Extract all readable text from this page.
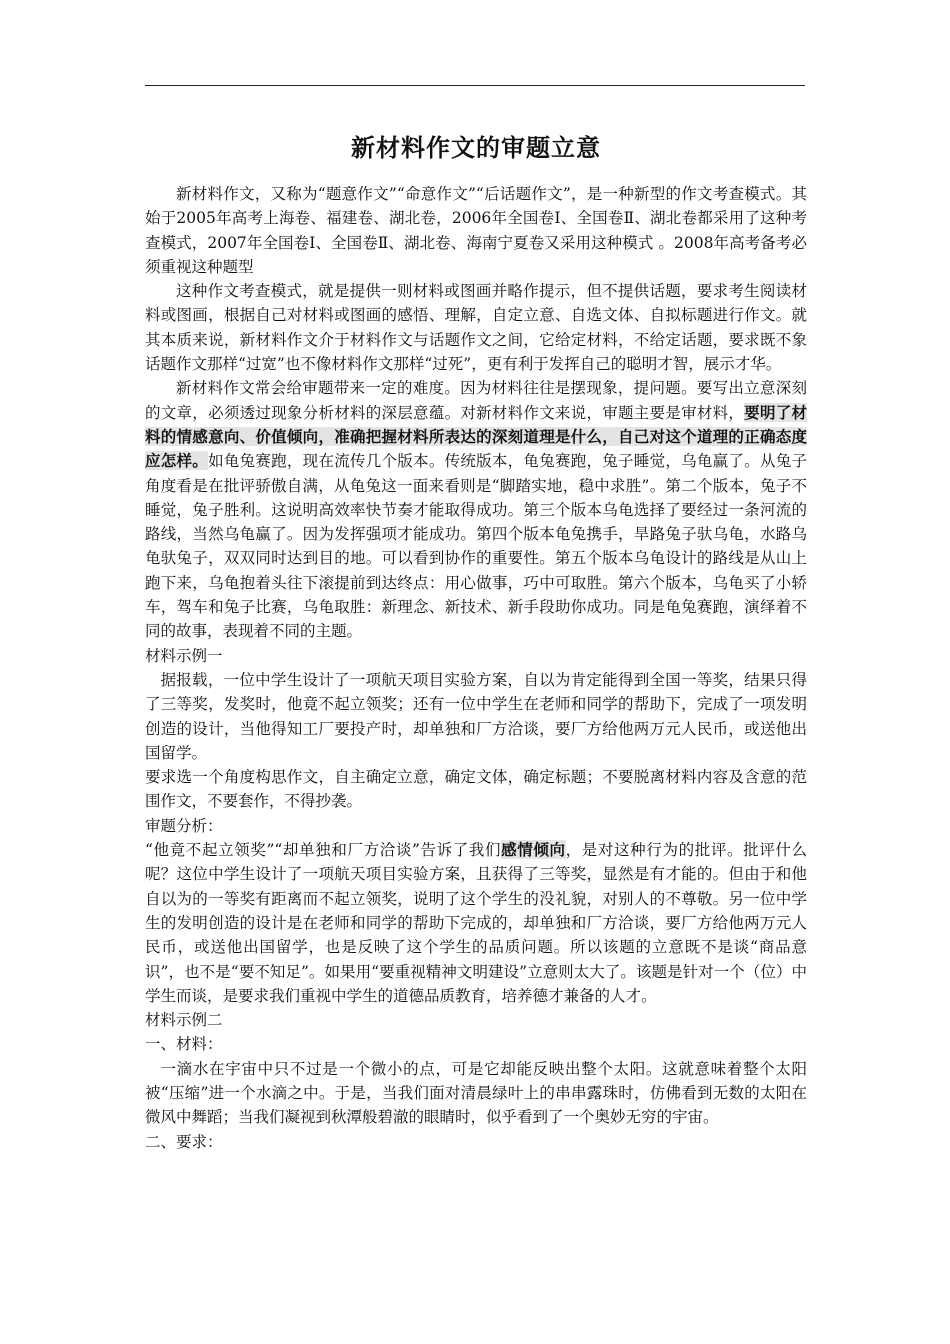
新材料作文的审题立意

新材料作文，又称为“题意作文”“命意作文”“后话题作文”，是一种新型的作文考查模式。其始于2005年高考上海卷、福建卷、湖北卷，2006年全国卷Ⅰ、全国卷Ⅱ、湖北卷都采用了这种考查模式，2007年全国卷Ⅰ、全国卷Ⅱ、湖北卷、海南宁夏卷又采用这种模式 。2008年高考备考必须重视这种题型

这种作文考查模式，就是提供一则材料或图画并略作提示，但不提供话题，要求考生阅读材料或图画，根据自己对材料或图画的感悟、理解，自定立意、自选文体、自拟标题进行作文。就其本质来说，新材料作文介于材料作文与话题作文之间，它给定材料，不给定话题，要求既不象话题作文那样“过宽”也不像材料作文那样“过死”，更有利于发挥自己的聪明才智，展示才华。

新材料作文常会给审题带来一定的难度。因为材料往往是摆现象，提问题。要写出立意深刻的文章，必须透过现象分析材料的深层意蕴。对新材料作文来说，审题主要是审材料，要明了材料的情感意向、价值倾向，准确把握材料所表达的深刻道理是什么，自己对这个道理的正确态度应怎样。如龟兔赛跑，现在流传几个版本。传统版本，龟兔赛跑，兔子睡觉，乌龟赢了。从兔子角度看是在批评骄傲自满，从龟兔这一面来看则是“脚踏实地，稳中求胜”。第二个版本，兔子不睡觉，兔子胜利。这说明高效率快节奏才能取得成功。第三个版本乌龟选择了要经过一条河流的路线，当然乌龟赢了。因为发挥强项才能成功。第四个版本龟兔携手，旱路兔子驮乌龟，水路乌龟驮兔子，双双同时达到目的地。可以看到协作的重要性。第五个版本乌龟设计的路线是从山上跑下来，乌龟抱着头往下滚提前到达终点：用心做事，巧中可取胜。第六个版本，乌龟买了小轿车，驾车和兔子比赛，乌龟取胜：新理念、新技术、新手段助你成功。同是龟兔赛跑，演绎着不同的故事，表现着不同的主题。

材料示例一

据报载，一位中学生设计了一项航天项目实验方案，自以为肯定能得到全国一等奖，结果只得了三等奖，发奖时，他竟不起立领奖；还有一位中学生在老师和同学的帮助下，完成了一项发明创造的设计，当他得知工厂要投产时，却单独和厂方洽谈，要厂方给他两万元人民币，或送他出国留学。

要求选一个角度构思作文，自主确定立意，确定文体，确定标题；不要脱离材料内容及含意的范围作文，不要套作，不得抄袭。

审题分析：

“他竟不起立领奖”“却单独和厂方洽谈”告诉了我们感情倾向，是对这种行为的批评。批评什么呢？这位中学生设计了一项航天项目实验方案，且获得了三等奖，显然是有才能的。但由于和他自以为的一等奖有距离而不起立领奖，说明了这个学生的没礼貌，对别人的不尊敬。另一位中学生的发明创造的设计是在老师和同学的帮助下完成的，却单独和厂方洽谈，要厂方给他两万元人民币，或送他出国留学，也是反映了这个学生的品质问题。所以该题的立意既不是谈“商品意识”，也不是“要不知足”。如果用“要重视精神文明建设”立意则太大了。该题是针对一个（位）中学生而谈，是要求我们重视中学生的道德品质教育，培养德才兼备的人才。

材料示例二

一、材料：

一滴水在宇宙中只不过是一个微小的点，可是它却能反映出整个太阳。这就意味着整个太阳被“压缩”进一个水滴之中。于是，当我们面对清晨绿叶上的串串露珠时，仿佛看到无数的太阳在微风中舞蹈；当我们凝视到秋潭般碧澈的眼睛时，似乎看到了一个奥妙无穷的宇宙。

二、要求：
